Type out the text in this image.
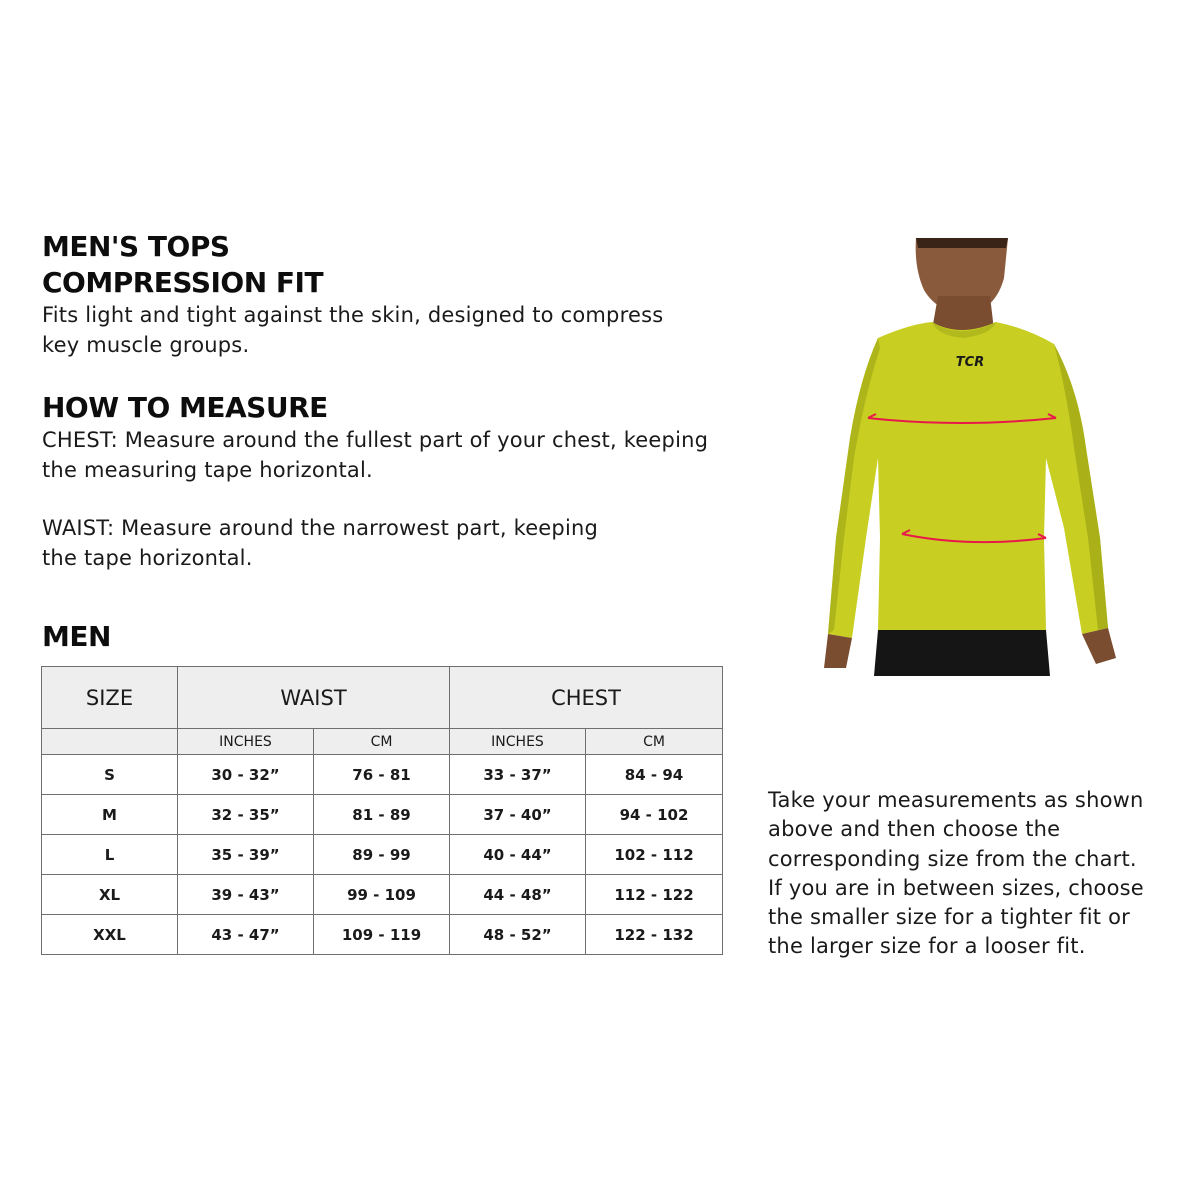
MEN'S TOPS
COMPRESSION FIT

Fits light and tight against the skin, designed to compress
key muscle groups.

HOW TO MEASURE

CHEST: Measure around the fullest part of your chest, keeping
the measuring tape horizontal.

WAIST: Measure around the narrowest part, keeping
the tape horizontal.

MEN
SIZE	WAIST		CHEST	
	INCHES	CM	INCHES	CM
S	30 - 32”	76 - 81	33 - 37”	84 - 94
M	32 - 35”	81 - 89	37 - 40”	94 - 102
L	35 - 39”	89 - 99	40 - 44”	102 - 112
XL	39 - 43”	99 - 109	44 - 48”	112 - 122
XXL	43 - 47”	109 - 119	48 - 52”	122 - 132
TCR

Take your measurements as shown
above and then choose the
corresponding size from the chart.
If you are in between sizes, choose
the smaller size for a tighter fit or
the larger size for a looser fit.
